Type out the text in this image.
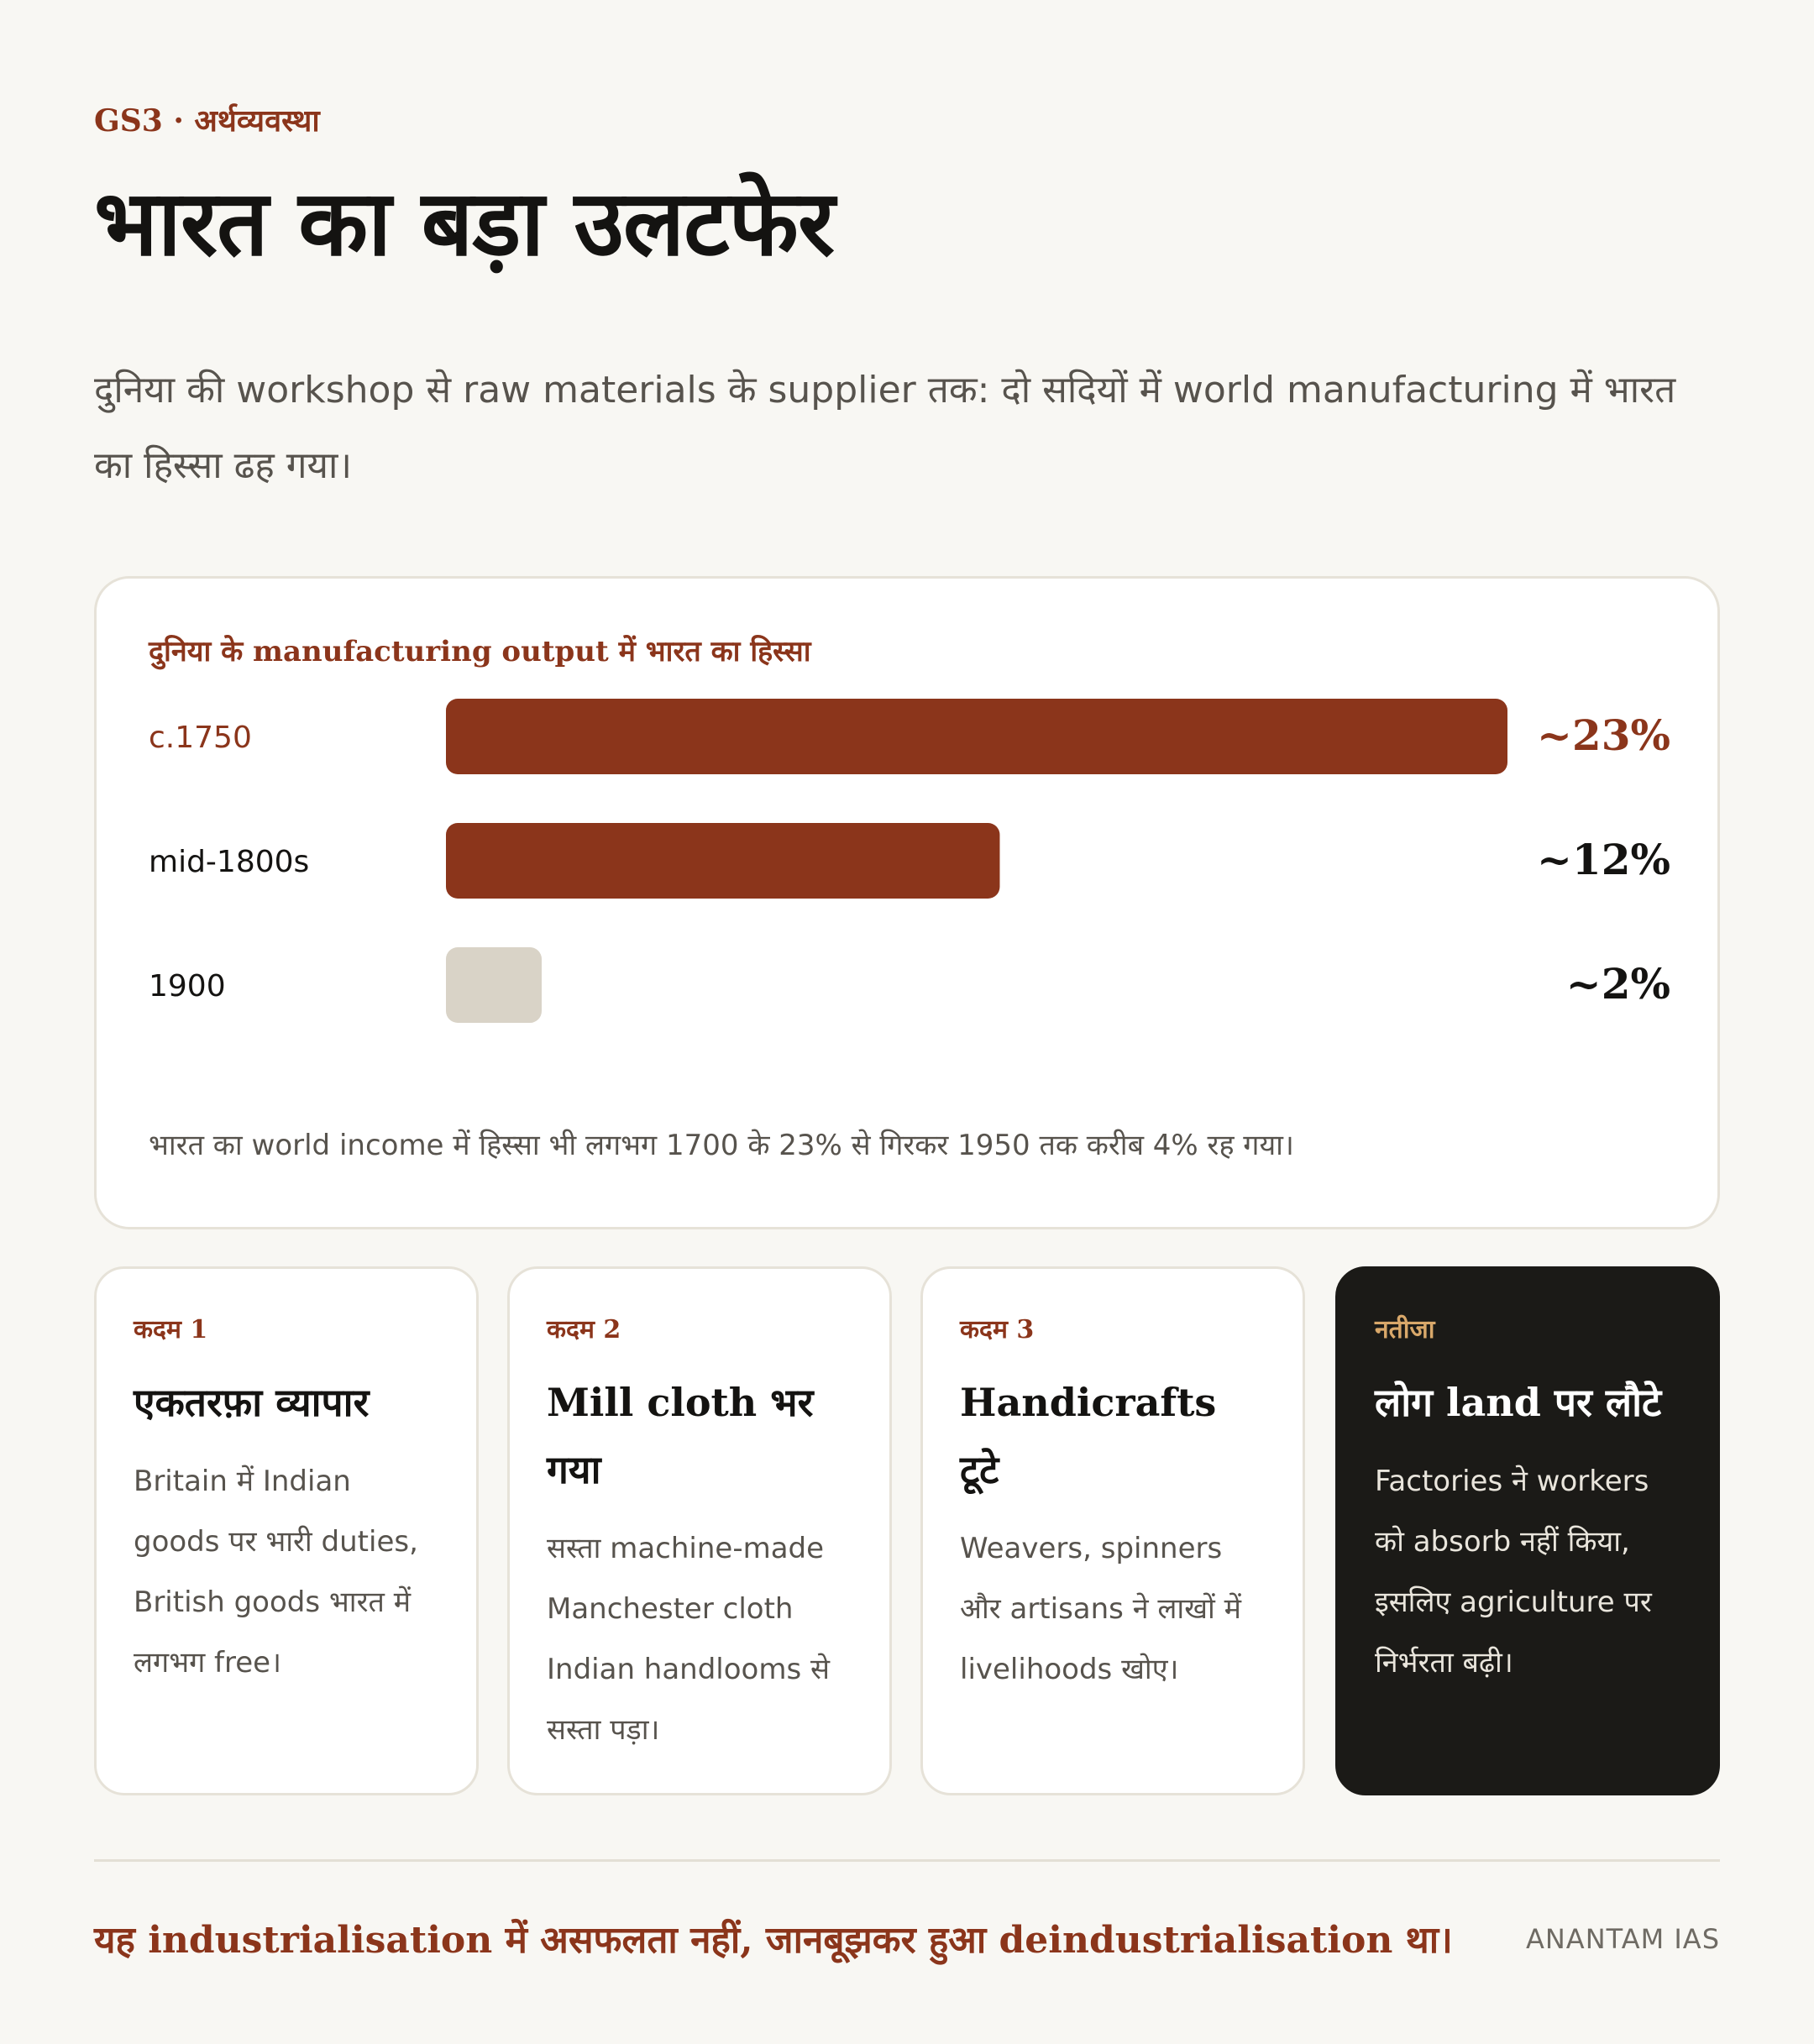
GS3 · अर्थव्यवस्था
भारत का बड़ा उलटफेर

दुनिया की workshop से raw materials के supplier तक: दो सदियों में world manufacturing में भारत का हिस्सा ढह गया।

दुनिया के manufacturing output में भारत का हिस्सा
c.1750	~23%
mid-1800s	~12%
1900	~2%
भारत का world income में हिस्सा भी लगभग 1700 के 23% से गिरकर 1950 तक करीब 4% रह गया।
कदम 1
एकतरफ़ा व्यापार
Britain में Indian goods पर भारी duties, British goods भारत में लगभग free।
कदम 2
Mill cloth भर गया
सस्ता machine-made Manchester cloth Indian handlooms से सस्ता पड़ा।
कदम 3
Handicrafts टूटे
Weavers, spinners और artisans ने लाखों में livelihoods खोए।
नतीजा
लोग land पर लौटे
Factories ने workers को absorb नहीं किया, इसलिए agriculture पर निर्भरता बढ़ी।
यह industrialisation में असफलता नहीं, जानबूझकर हुआ deindustrialisation था।	ANANTAM IAS
